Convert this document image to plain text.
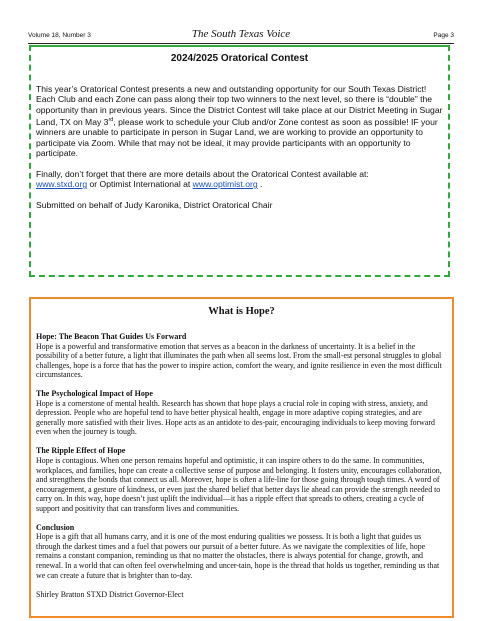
Volume 18, Number 3	The South Texas Voice	Page 3
2024/2025 Oratorical Contest

This year’s Oratorical Contest presents a new and outstanding opportunity for our South Texas District! Each Club and each Zone can pass along their top two winners to the next level, so there is “double” the opportunity than in previous years. Since the District Contest will take place at our District Meeting in Sugar Land, TX on May 3rd, please work to schedule your Club and/or Zone contest as soon as possible! IF your winners are unable to participate in person in Sugar Land, we are working to provide an opportunity to participate via Zoom. While that may not be ideal, it may provide participants with an opportunity to participate.

Finally, don’t forget that there are more details about the Oratorical Contest available at:
www.stxd.org or Optimist International at www.optimist.org .

Submitted on behalf of Judy Karonika, District Oratorical Chair

What is Hope?
Hope: The Beacon That Guides Us Forward

Hope is a powerful and transformative emotion that serves as a beacon in the darkness of uncertainty. It is a belief in the possibility of a better future, a light that illuminates the path when all seems lost. From the small-est personal struggles to global challenges, hope is a force that has the power to inspire action, comfort the weary, and ignite resilience in even the most difficult circumstances.

The Psychological Impact of Hope

Hope is a cornerstone of mental health. Research has shown that hope plays a crucial role in coping with stress, anxiety, and depression. People who are hopeful tend to have better physical health, engage in more adaptive coping strategies, and are generally more satisfied with their lives. Hope acts as an antidote to des-pair, encouraging individuals to keep moving forward even when the journey is tough.

The Ripple Effect of Hope

Hope is contagious. When one person remains hopeful and optimistic, it can inspire others to do the same. In communities, workplaces, and families, hope can create a collective sense of purpose and belonging. It fosters unity, encourages collaboration, and strengthens the bonds that connect us all. Moreover, hope is often a life-line for those going through tough times. A word of encouragement, a gesture of kindness, or even just the shared belief that better days lie ahead can provide the strength needed to carry on. In this way, hope doesn’t just uplift the individual—it has a ripple effect that spreads to others, creating a cycle of support and positivity that can transform lives and communities.

Conclusion

Hope is a gift that all humans carry, and it is one of the most enduring qualities we possess. It is both a light that guides us through the darkest times and a fuel that powers our pursuit of a better future. As we navigate the complexities of life, hope remains a constant companion, reminding us that no matter the obstacles, there is always potential for change, growth, and renewal. In a world that can often feel overwhelming and uncer-tain, hope is the thread that holds us together, reminding us that we can create a future that is brighter than to-day.

Shirley Bratton STXD District Governor-Elect
